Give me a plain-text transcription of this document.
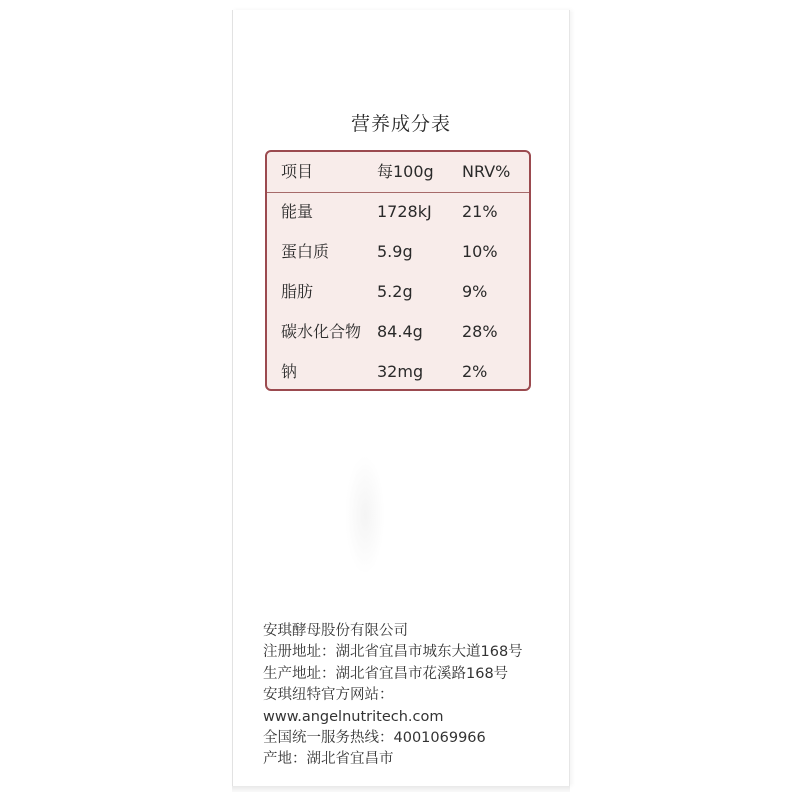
营养成分表
项目	每100g NRV%
能量	1728kJ 21%
蛋白质	5.9g	10%
脂肪	5.2g	9%
碳水化合物 84.4g 28%
钠	32mg 2%
安琪酵母股份有限公司
注册地址：湖北省宜昌市城东大道168号
生产地址：湖北省宜昌市花溪路168号
安琪纽特官方网站：
www.angelnutritech.com
全国统一服务热线：4001069966
产地：湖北省宜昌市
